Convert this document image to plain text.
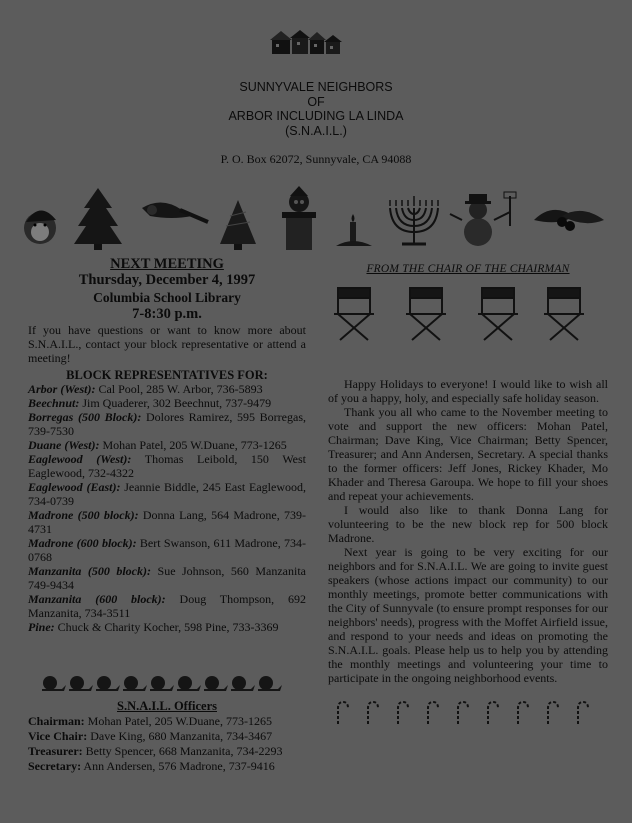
SUNNYVALE NEIGHBORS
OF
ARBOR INCLUDING LA LINDA
(S.N.A.I.L.)
P. O. Box 62072, Sunnyvale, CA 94088
NEXT MEETING
Thursday, December 4, 1997
Columbia School Library
7-8:30 p.m.

If you have questions or want to know more about S.N.A.I.L., contact your block representative or attend a meeting!

BLOCK REPRESENTATIVES FOR:

Arbor (West): Cal Pool, 285 W. Arbor, 736-5893

Beechnut: Jim Quaderer, 302 Beechnut, 737-9479

Borregas (500 Block): Dolores Ramirez, 595 Borregas, 739-7530

Duane (West): Mohan Patel, 205 W.Duane, 773-1265

Eaglewood (West): Thomas Leibold, 150 West Eaglewood, 732-4322

Eaglewood (East): Jeannie Biddle, 245 East Eaglewood, 734-0739

Madrone (500 block): Donna Lang, 564 Madrone, 739-4731

Madrone (600 block): Bert Swanson, 611 Madrone, 734-0768

Manzanita (500 block): Sue Johnson, 560 Manzanita 749-9434

Manzanita (600 block): Doug Thompson, 692 Manzanita, 734-3511

Pine: Chuck & Charity Kocher, 598 Pine, 733-3369

S.N.A.I.L. Officers
Chairman: Mohan Patel, 205 W.Duane, 773-1265
Vice Chair: Dave King, 680 Manzanita, 734-3467
Treasurer: Betty Spencer, 668 Manzanita, 734-2293
Secretary: Ann Andersen, 576 Madrone, 737-9416
FROM THE CHAIR OF THE CHAIRMAN

Happy Holidays to everyone! I would like to wish all of you a happy, holy, and especially safe holiday season.

Thank you all who came to the November meeting to vote and support the new officers: Mohan Patel, Chairman; Dave King, Vice Chairman; Betty Spencer, Treasurer; and Ann Andersen, Secretary. A special thanks to the former officers: Jeff Jones, Rickey Khader, Mo Khader and Theresa Garoupa. We hope to fill your shoes and repeat your achievements.

I would also like to thank Donna Lang for volunteering to be the new block rep for 500 block Madrone.

Next year is going to be very exciting for our neighbors and for S.N.A.I.L. We are going to invite guest speakers (whose actions impact our community) to our monthly meetings, promote better communications with the City of Sunnyvale (to ensure prompt responses for our neighbors' needs), progress with the Moffet Airfield issue, and respond to your needs and ideas on promoting the S.N.A.I.L. goals. Please help us to help you by attending the monthly meetings and volunteering your time to participate in the ongoing neighborhood events.
